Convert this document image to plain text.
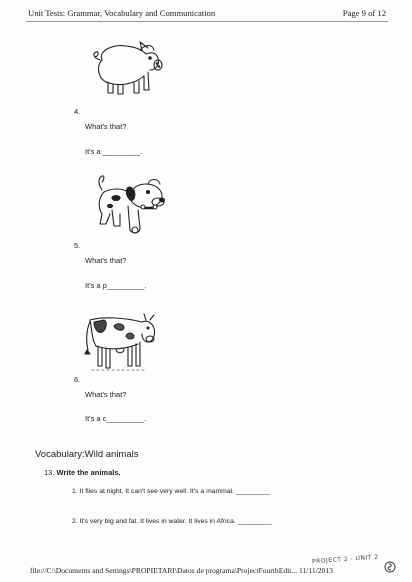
Unit Tests: Grammar, Vocabulary and Communication	Page 9 of 12
4.
What's that?
It's a _________.
5.
What's that?
It's a p_________.
6.
What's that?
It's a c_________.
Vocabulary:Wild animals
13. Write the animals.
1. It flies at night. It can't see very well. It's a mammal. _________
2. It's very big and fat. It lives in water. It lives in Africa. _________
PROJECT 2 - UNIT 2
file://C:\Documents and Settings\PROPIETARI\Datos de programa\ProjectFourthEdit... 11/11/2013
